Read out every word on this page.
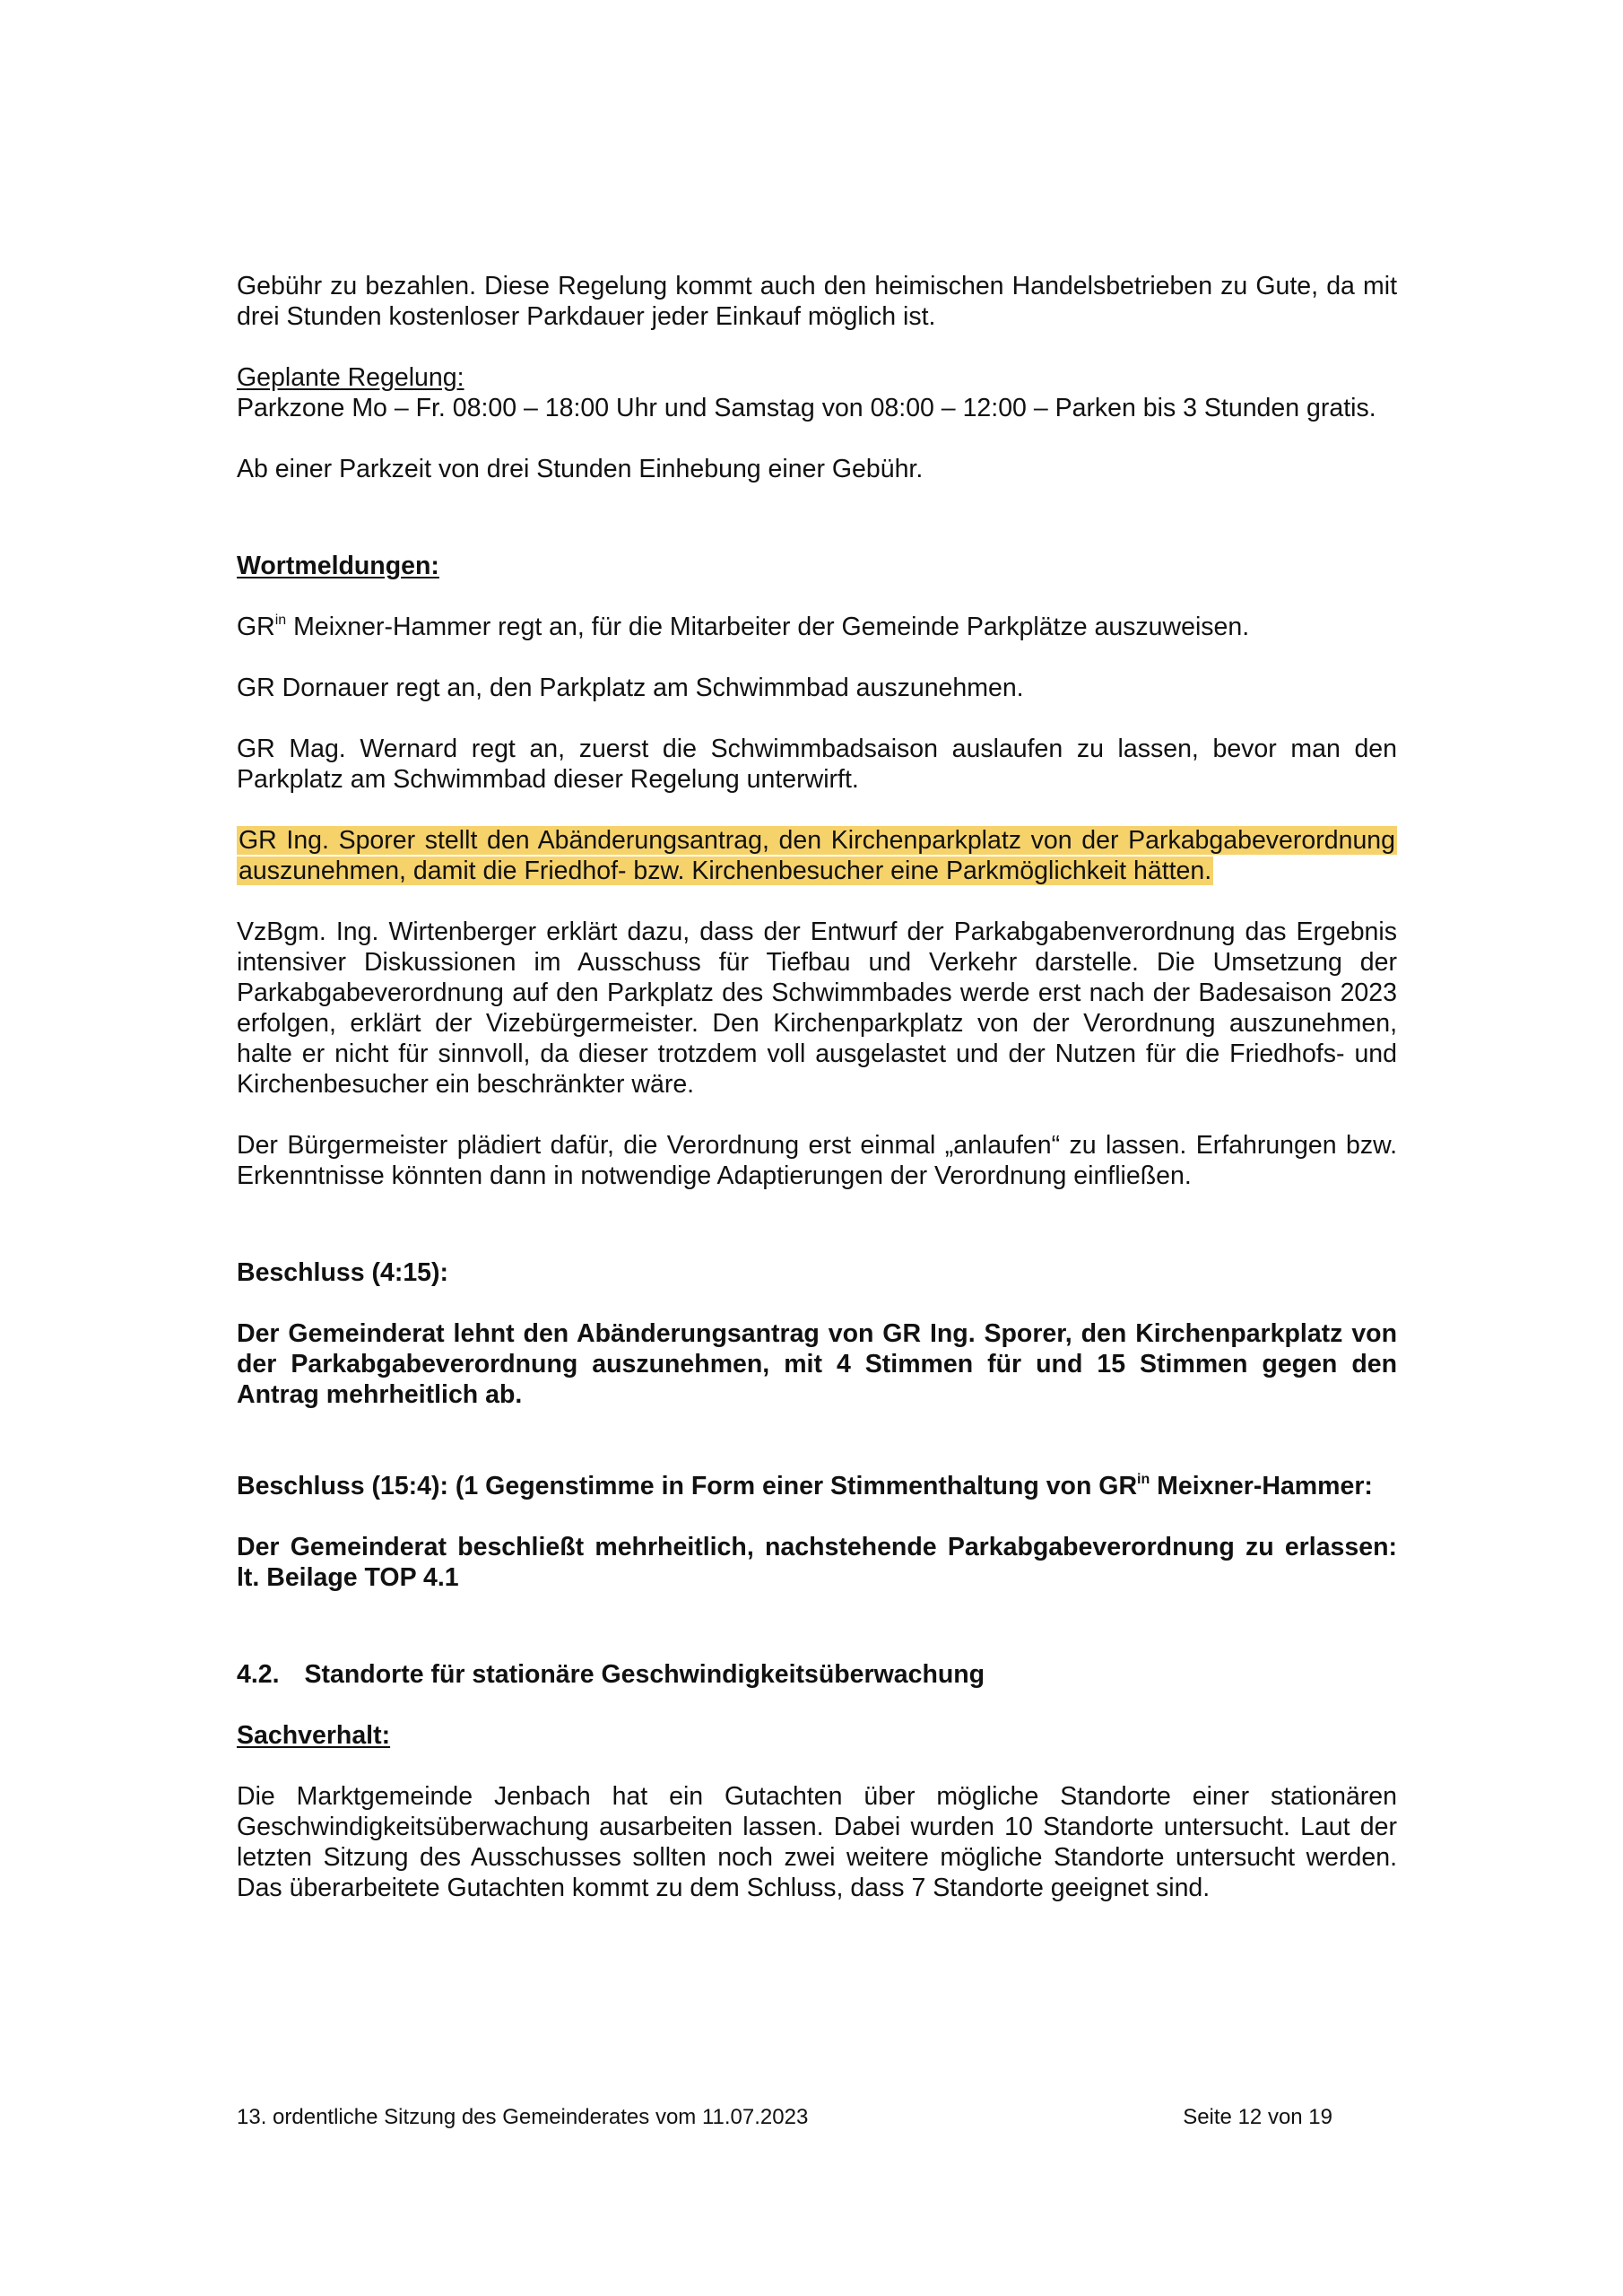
Gebühr zu bezahlen. Diese Regelung kommt auch den heimischen Handelsbetrieben zu Gute, da mit drei Stunden kostenloser Parkdauer jeder Einkauf möglich ist.

Geplante Regelung:

Parkzone Mo – Fr. 08:00 – 18:00 Uhr und Samstag von 08:00 – 12:00 – Parken bis 3 Stunden gratis.

Ab einer Parkzeit von drei Stunden Einhebung einer Gebühr.

Wortmeldungen:

$GR^{in}$ Meixner-Hammer regt an, für die Mitarbeiter der Gemeinde Parkplätze auszuweisen.

GR Dornauer regt an, den Parkplatz am Schwimmbad auszunehmen.

GR Mag. Wernard regt an, zuerst die Schwimmbadsaison auslaufen zu lassen, bevor man den Parkplatz am Schwimmbad dieser Regelung unterwirft.

GR Ing. Sporer stellt den Abänderungsantrag, den Kirchenparkplatz von der Parkabgabeverordnung auszunehmen, damit die Friedhof- bzw. Kirchenbesucher eine Parkmöglichkeit hätten.

VzBgm. Ing. Wirtenberger erklärt dazu, dass der Entwurf der Parkabgabenverordnung das Ergebnis intensiver Diskussionen im Ausschuss für Tiefbau und Verkehr darstelle. Die Umsetzung der Parkabgabeverordnung auf den Parkplatz des Schwimmbades werde erst nach der Badesaison 2023 erfolgen, erklärt der Vizebürgermeister. Den Kirchenparkplatz von der Verordnung auszunehmen, halte er nicht für sinnvoll, da dieser trotzdem voll ausgelastet und der Nutzen für die Friedhofs- und Kirchenbesucher ein beschränkter wäre.

Der Bürgermeister plädiert dafür, die Verordnung erst einmal „anlaufen“ zu lassen. Erfahrungen bzw. Erkenntnisse könnten dann in notwendige Adaptierungen der Verordnung einfließen.

Beschluss (4:15):

Der Gemeinderat lehnt den Abänderungsantrag von GR Ing. Sporer, den Kirchenparkplatz von der Parkabgabeverordnung auszunehmen, mit 4 Stimmen für und 15 Stimmen gegen den Antrag mehrheitlich ab.

Beschluss (15:4): (1 Gegenstimme in Form einer Stimmenthaltung von $GR^{in}$ Meixner-Hammer:

Der Gemeinderat beschließt mehrheitlich, nachstehende Parkabgabeverordnung zu erlassen: lt. Beilage TOP 4.1

4.2. Standorte für stationäre Geschwindigkeitsüberwachung

Sachverhalt:

Die Marktgemeinde Jenbach hat ein Gutachten über mögliche Standorte einer stationären Geschwindigkeitsüberwachung ausarbeiten lassen. Dabei wurden 10 Standorte untersucht. Laut der letzten Sitzung des Ausschusses sollten noch zwei weitere mögliche Standorte untersucht werden. Das überarbeitete Gutachten kommt zu dem Schluss, dass 7 Standorte geeignet sind.

13. ordentliche Sitzung des Gemeinderates vom 11.07.2023	Seite 12 von 19
